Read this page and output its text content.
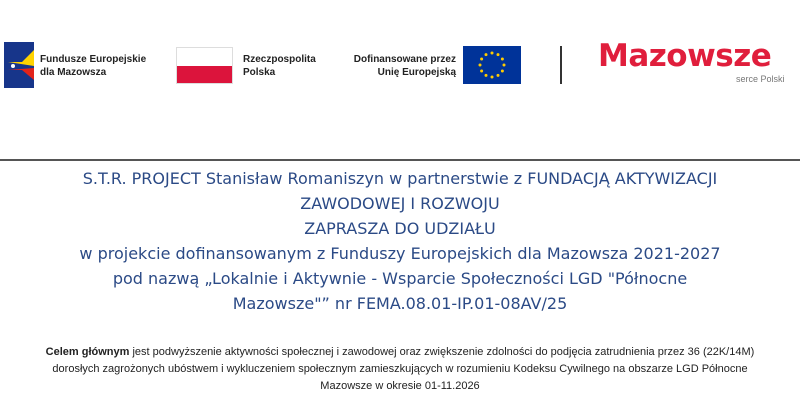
Fundusze Europejskie
dla Mazowsza
Rzeczpospolita
Polska
Dofinansowane przez
Unię Europejską	Mazowsze
serce Polski
S.T.R. PROJECT Stanisław Romaniszyn w partnerstwie z FUNDACJĄ AKTYWIZACJI
ZAWODOWEJ I ROZWOJU
ZAPRASZA DO UDZIAŁU
w projekcie dofinansowanym z Funduszy Europejskich dla Mazowsza 2021-2027
pod nazwą „Lokalnie i Aktywnie - Wsparcie Społeczności LGD "Północne
Mazowsze"” nr FEMA.08.01-IP.01-08AV/25
Celem głównym jest podwyższenie aktywności społecznej i zawodowej oraz zwiększenie zdolności do podjęcia zatrudnienia przez 36 (22K/14M)
dorosłych zagrożonych ubóstwem i wykluczeniem społecznym zamieszkujących w rozumieniu Kodeksu Cywilnego na obszarze LGD Północne
Mazowsze w okresie 01-11.2026
